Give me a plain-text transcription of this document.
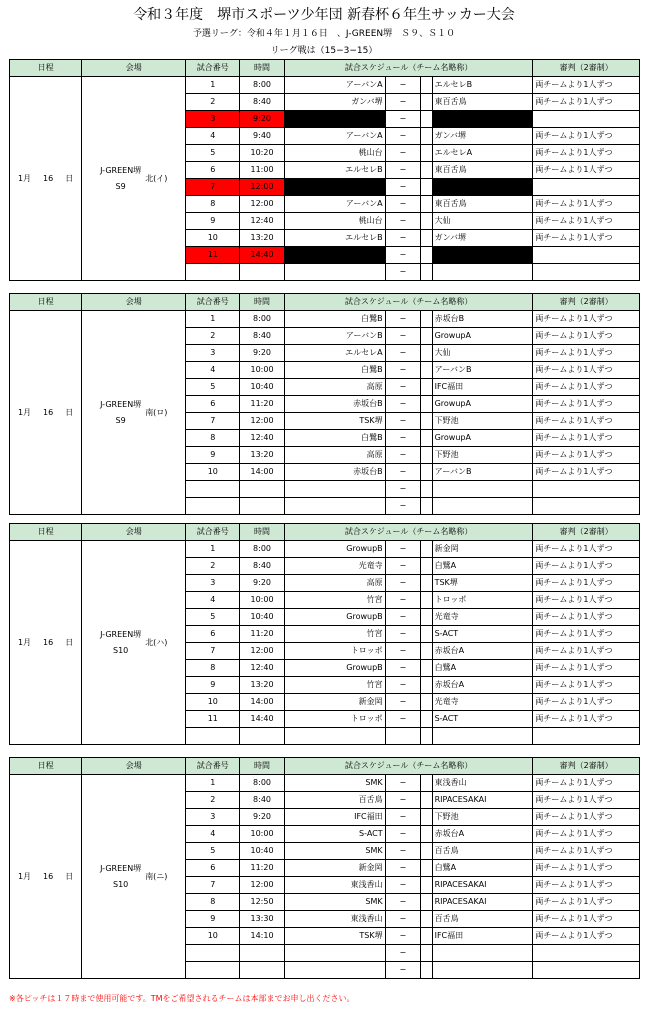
令和３年度　堺市スポーツ少年団 新春杯６年生サッカー大会
予選リーグ：令和４年１月１６日　、J-GREEN堺　Ｓ９、Ｓ１０
リーグ戦は（15−3−15）
日程	会場	試合番号	時間	試合スケジュール（チーム名略称）				審判（2審制）
1月 16 日	J-GREEN堺
S9
北(イ)	1	8:00	アーバンA	−		エルセレB	両チームより1人ずつ
		2	8:40	ガンバ堺	−		東百舌鳥	両チームより1人ずつ
		3	9:20		−			
		4	9:40	アーバンA	−		ガンバ堺	両チームより1人ずつ
		5	10:20	桃山台	−		エルセレA	両チームより1人ずつ
		6	11:00	エルセレB	−		東百舌鳥	両チームより1人ずつ
		7	12:00		−			
		8	12:00	アーバンA	−		東百舌鳥	両チームより1人ずつ
		9	12:40	桃山台	−		大仙	両チームより1人ずつ
		10	13:20	エルセレB	−		ガンバ堺	両チームより1人ずつ
		11	14:40		−			
					−			
日程	会場	試合番号	時間	試合スケジュール（チーム名略称）				審判（2審制）
1月 16 日	J-GREEN堺
S9
南(ロ)	1	8:00	白鷺B	−		赤坂台B	両チームより1人ずつ
		2	8:40	アーバンB	−		GrowupA	両チームより1人ずつ
		3	9:20	エルセレA	−		大仙	両チームより1人ずつ
		4	10:00	白鷺B	−		アーバンB	両チームより1人ずつ
		5	10:40	高原	−		IFC福田	両チームより1人ずつ
		6	11:20	赤坂台B	−		GrowupA	両チームより1人ずつ
		7	12:00	TSK堺	−		下野池	両チームより1人ずつ
		8	12:40	白鷺B	−		GrowupA	両チームより1人ずつ
		9	13:20	高原	−		下野池	両チームより1人ずつ
		10	14:00	赤坂台B	−		アーバンB	両チームより1人ずつ
					−			
					−			
日程	会場	試合番号	時間	試合スケジュール（チーム名略称）				審判（2審制）
1月 16 日	J-GREEN堺
S10
北(ハ)	1	8:00	GrowupB	−		新金岡	両チームより1人ずつ
		2	8:40	光竜寺	−		白鷺A	両チームより1人ずつ
		3	9:20	高原	−		TSK堺	両チームより1人ずつ
		4	10:00	竹宮	−		トロッポ	両チームより1人ずつ
		5	10:40	GrowupB	−		光竜寺	両チームより1人ずつ
		6	11:20	竹宮	−		S-ACT	両チームより1人ずつ
		7	12:00	トロッポ	−		赤坂台A	両チームより1人ずつ
		8	12:40	GrowupB	−		白鷺A	両チームより1人ずつ
		9	13:20	竹宮	−		赤坂台A	両チームより1人ずつ
		10	14:00	新金岡	−		光竜寺	両チームより1人ずつ
		11	14:40	トロッポ	−		S-ACT	両チームより1人ずつ

日程	会場	試合番号	時間	試合スケジュール（チーム名略称）				審判（2審制）
1月 16 日	J-GREEN堺
S10
南(ニ)	1	8:00	SMK	−		東浅香山	両チームより1人ずつ
		2	8:40	百舌鳥	−		RIPACESAKAI	両チームより1人ずつ
		3	9:20	IFC福田	−		下野池	両チームより1人ずつ
		4	10:00	S-ACT	−		赤坂台A	両チームより1人ずつ
		5	10:40	SMK	−		百舌鳥	両チームより1人ずつ
		6	11:20	新金岡	−		白鷺A	両チームより1人ずつ
		7	12:00	東浅香山	−		RIPACESAKAI	両チームより1人ずつ
		8	12:50	SMK	−		RIPACESAKAI	両チームより1人ずつ
		9	13:30	東浅香山	−		百舌鳥	両チームより1人ずつ
		10	14:10	TSK堺	−		IFC福田	両チームより1人ずつ
					−			
					−			
※各ピッチは１７時まで使用可能です。TMをご希望されるチームは本部までお申し出ください。
